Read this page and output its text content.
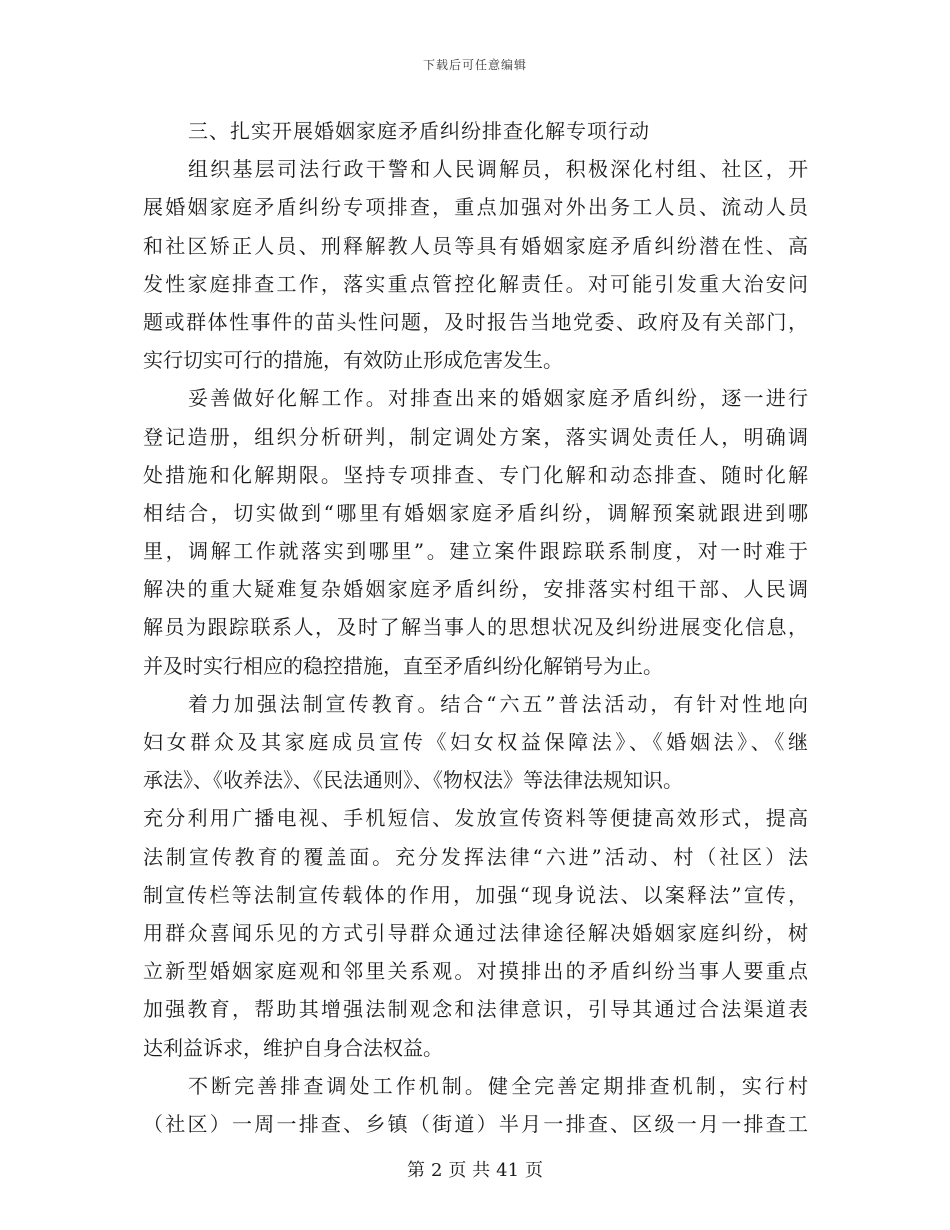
下载后可任意编辑
三、扎实开展婚姻家庭矛盾纠纷排查化解专项行动
组织基层司法行政干警和人民调解员，积极深化村组、社区，开
展婚姻家庭矛盾纠纷专项排查，重点加强对外出务工人员、流动人员
和社区矫正人员、刑释解教人员等具有婚姻家庭矛盾纠纷潜在性、高
发性家庭排查工作，落实重点管控化解责任。对可能引发重大治安问
题或群体性事件的苗头性问题，及时报告当地党委、政府及有关部门，
实行切实可行的措施，有效防止形成危害发生。
妥善做好化解工作。对排查出来的婚姻家庭矛盾纠纷，逐一进行
登记造册，组织分析研判，制定调处方案，落实调处责任人，明确调
处措施和化解期限。坚持专项排查、专门化解和动态排查、随时化解
相结合，切实做到“哪里有婚姻家庭矛盾纠纷，调解预案就跟进到哪
里，调解工作就落实到哪里”。建立案件跟踪联系制度，对一时难于
解决的重大疑难复杂婚姻家庭矛盾纠纷，安排落实村组干部、人民调
解员为跟踪联系人，及时了解当事人的思想状况及纠纷进展变化信息，
并及时实行相应的稳控措施，直至矛盾纠纷化解销号为止。
着力加强法制宣传教育。结合“六五”普法活动，有针对性地向
妇女群众及其家庭成员宣传《妇女权益保障法》、《婚姻法》、《继
承法》、《收养法》、《民法通则》、《物权法》等法律法规知识。
充分利用广播电视、手机短信、发放宣传资料等便捷高效形式，提高
法制宣传教育的覆盖面。充分发挥法律“六进”活动、村（社区）法
制宣传栏等法制宣传载体的作用，加强“现身说法、以案释法”宣传，
用群众喜闻乐见的方式引导群众通过法律途径解决婚姻家庭纠纷，树
立新型婚姻家庭观和邻里关系观。对摸排出的矛盾纠纷当事人要重点
加强教育，帮助其增强法制观念和法律意识，引导其通过合法渠道表
达利益诉求，维护自身合法权益。
不断完善排查调处工作机制。健全完善定期排查机制，实行村
（社区）一周一排查、乡镇（街道）半月一排查、区级一月一排查工
第 2 页 共 41 页
